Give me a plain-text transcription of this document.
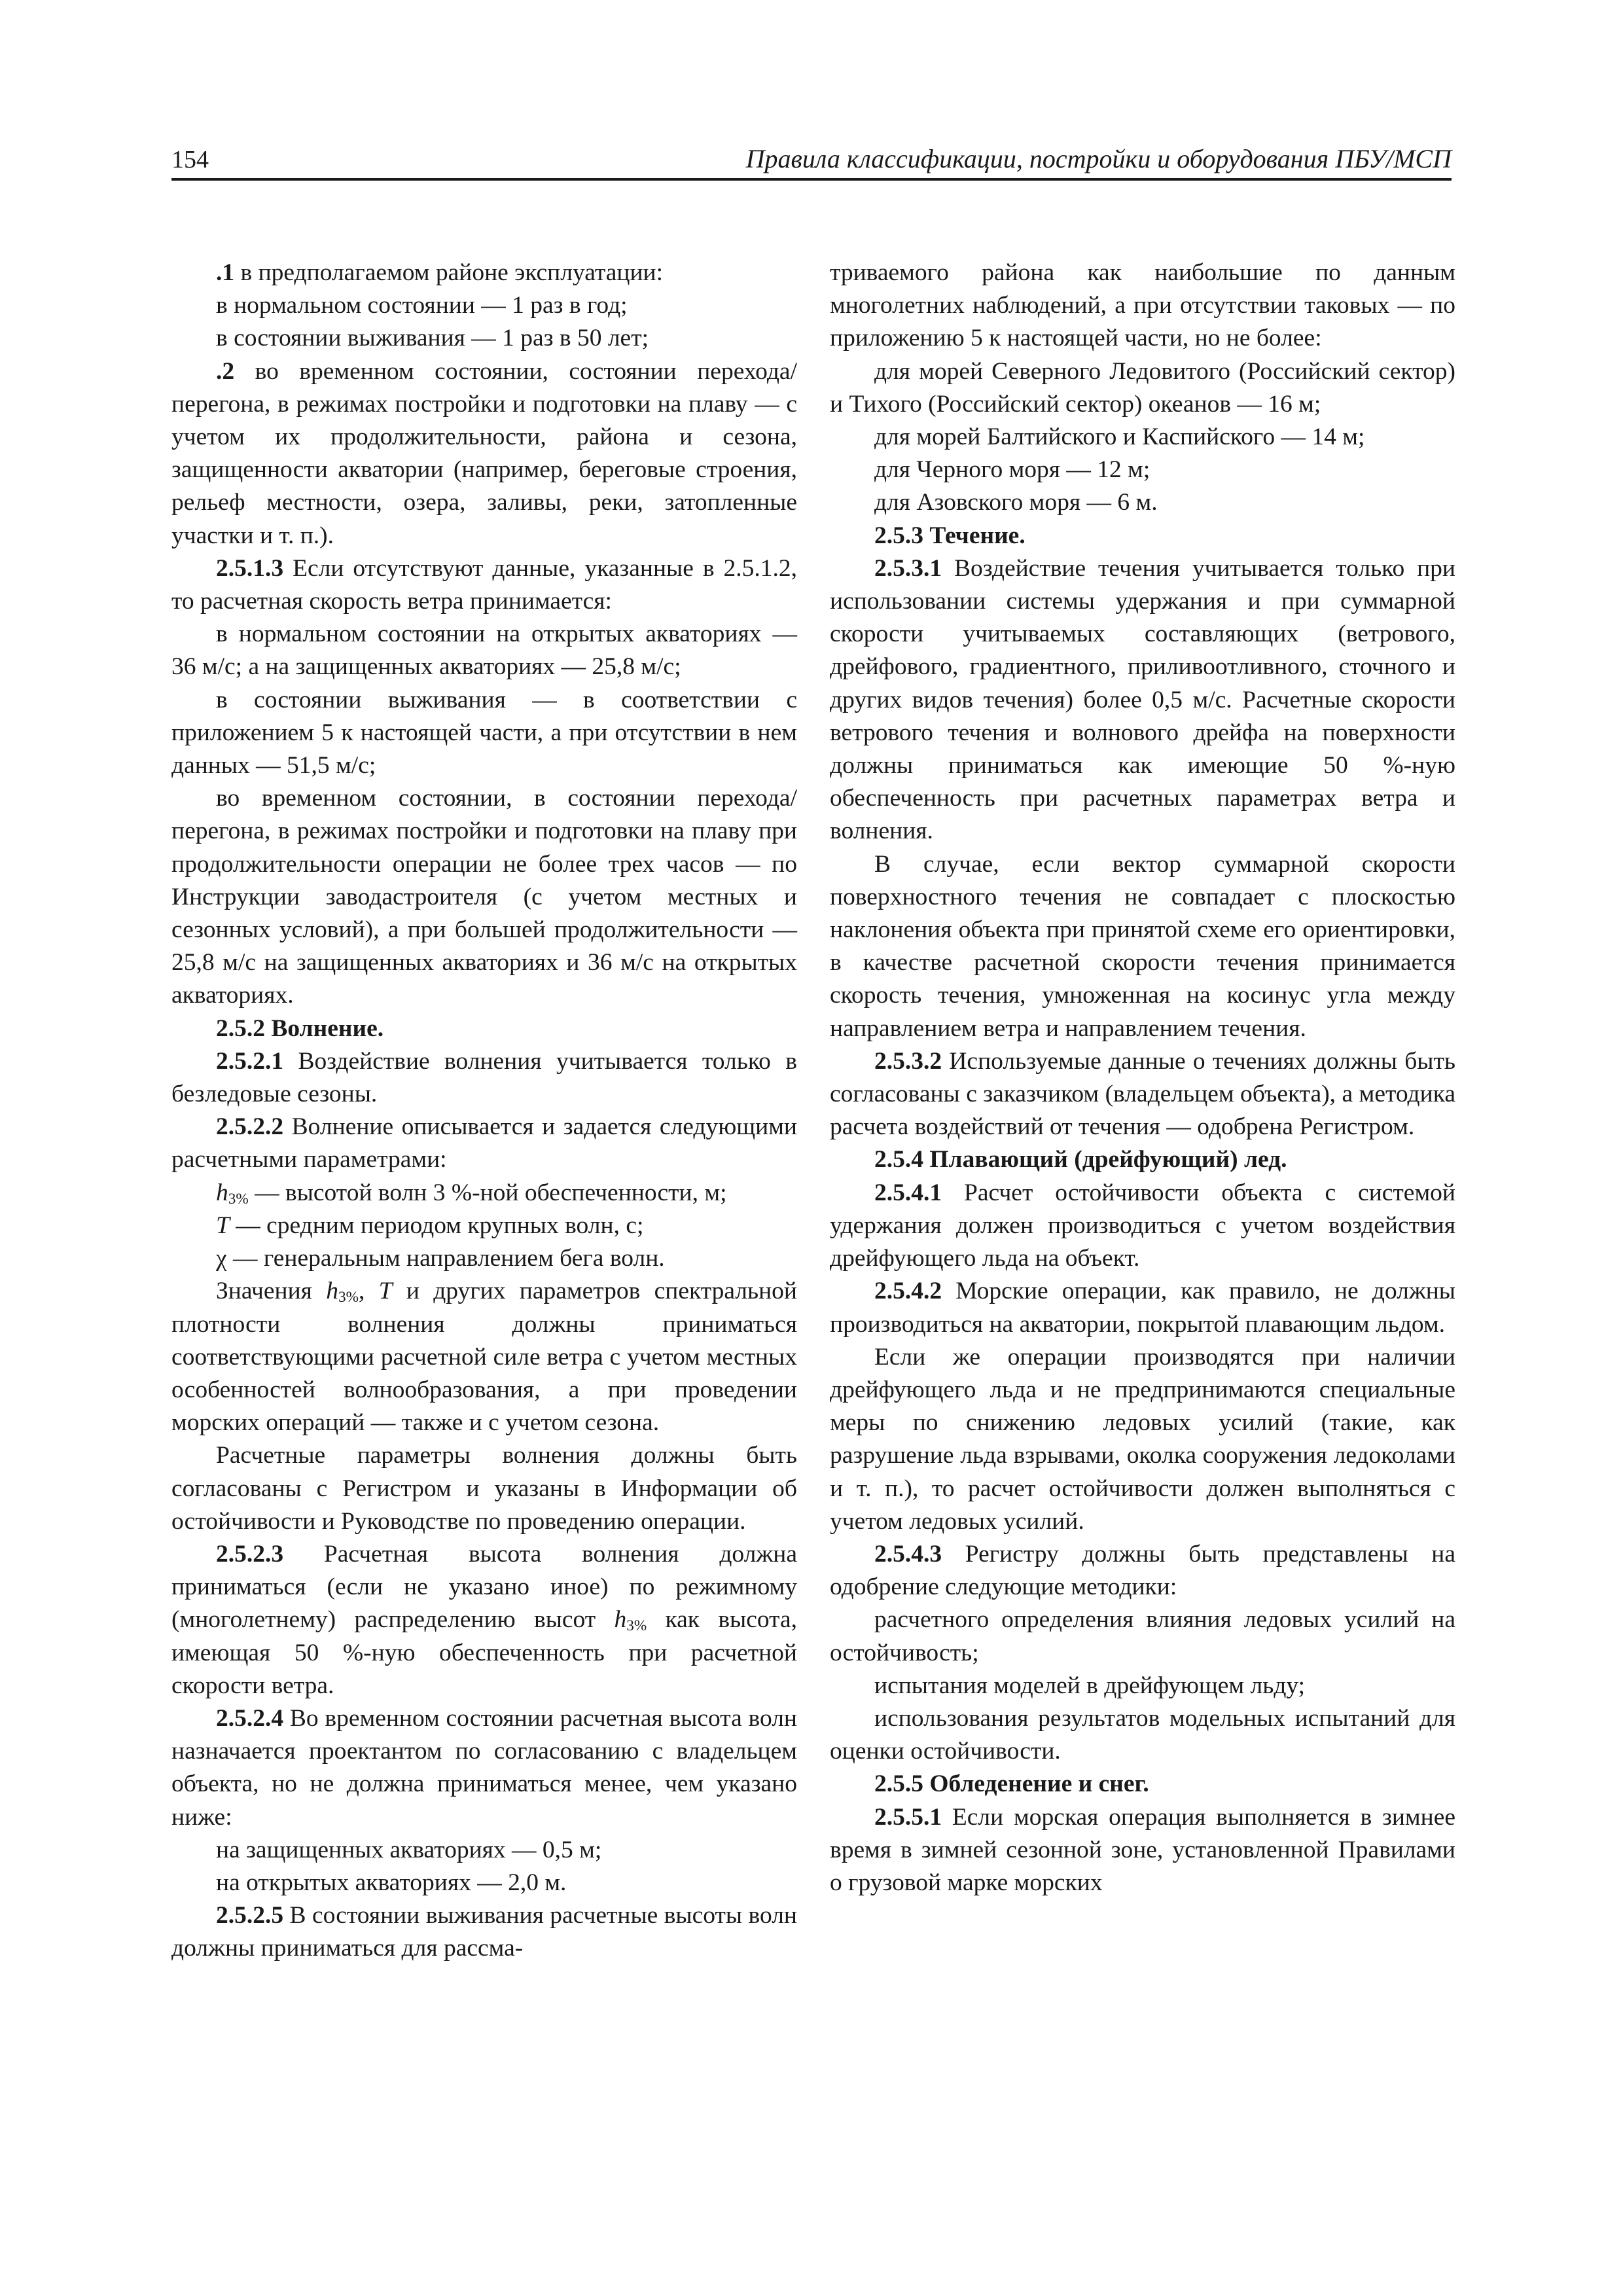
154	Правила классификации, постройки и оборудования ПБУ/МСП

.1 в предполагаемом районе эксплуатации:

в нормальном состоянии — 1 раз в год;

в состоянии выживания — 1 раз в 50 лет;

.2 во временном состоянии, состоянии перехода/перегона, в режимах постройки и подготовки на плаву — с учетом их продолжительности, района и сезона, защищенности акватории (например, береговые строения, рельеф местности, озера, заливы, реки, затопленные участки и т. п.).

2.5.1.3 Если отсутствуют данные, указанные в 2.5.1.2, то расчетная скорость ветра принимается:

в нормальном состоянии на открытых акваториях — 36 м/с; а на защищенных акваториях — 25,8 м/с;

в состоянии выживания — в соответствии с приложением 5 к настоящей части, а при отсутствии в нем данных — 51,5 м/с;

во временном состоянии, в состоянии перехода/перегона, в режимах постройки и подготовки на плаву при продолжительности операции не более трех часов — по Инструкции заводастроителя (с учетом местных и сезонных условий), а при большей продолжительности — 25,8 м/с на защищенных акваториях и 36 м/с на открытых акваториях.

2.5.2 Волнение.

2.5.2.1 Воздействие волнения учитывается только в безледовые сезоны.

2.5.2.2 Волнение описывается и задается следующими расчетными параметрами:

$h_{3\%}$ — высотой волн 3 %-ной обеспеченности, м;

T — средним периодом крупных волн, с;

χ — генеральным направлением бега волн.

Значения $h_{3\%}$, T и других параметров спектральной плотности волнения должны приниматься соответствующими расчетной силе ветра с учетом местных особенностей волнообразования, а при проведении морских операций — также и с учетом сезона.

Расчетные параметры волнения должны быть согласованы с Регистром и указаны в Информации об остойчивости и Руководстве по проведению операции.

2.5.2.3 Расчетная высота волнения должна приниматься (если не указано иное) по режимному (многолетнему) распределению высот $h_{3\%}$ как высота, имеющая 50 %-ную обеспеченность при расчетной скорости ветра.

2.5.2.4 Во временном состоянии расчетная высота волн назначается проектантом по согласованию с владельцем объекта, но не должна приниматься менее, чем указано ниже:

на защищенных акваториях — 0,5 м;

на открытых акваториях — 2,0 м.

2.5.2.5 В состоянии выживания расчетные высоты волн должны приниматься для рассма-

триваемого района как наибольшие по данным многолетних наблюдений, а при отсутствии таковых — по приложению 5 к настоящей части, но не более:

для морей Северного Ледовитого (Российский сектор) и Тихого (Российский сектор) океанов — 16 м;

для морей Балтийского и Каспийского — 14 м;

для Черного моря — 12 м;

для Азовского моря — 6 м.

2.5.3 Течение.

2.5.3.1 Воздействие течения учитывается только при использовании системы удержания и при суммарной скорости учитываемых составляющих (ветрового, дрейфового, градиентного, приливоотливного, сточного и других видов течения) более 0,5 м/с. Расчетные скорости ветрового течения и волнового дрейфа на поверхности должны приниматься как имеющие 50 %-ную обеспеченность при расчетных параметрах ветра и волнения.

В случае, если вектор суммарной скорости поверхностного течения не совпадает с плоскостью наклонения объекта при принятой схеме его ориентировки, в качестве расчетной скорости течения принимается скорость течения, умноженная на косинус угла между направлением ветра и направлением течения.

2.5.3.2 Используемые данные о течениях должны быть согласованы с заказчиком (владельцем объекта), а методика расчета воздействий от течения — одобрена Регистром.

2.5.4 Плавающий (дрейфующий) лед.

2.5.4.1 Расчет остойчивости объекта с системой удержания должен производиться с учетом воздействия дрейфующего льда на объект.

2.5.4.2 Морские операции, как правило, не должны производиться на акватории, покрытой плавающим льдом.

Если же операции производятся при наличии дрейфующего льда и не предпринимаются специальные меры по снижению ледовых усилий (такие, как разрушение льда взрывами, околка сооружения ледоколами и т. п.), то расчет остойчивости должен выполняться с учетом ледовых усилий.

2.5.4.3 Регистру должны быть представлены на одобрение следующие методики:

расчетного определения влияния ледовых усилий на остойчивость;

испытания моделей в дрейфующем льду;

использования результатов модельных испытаний для оценки остойчивости.

2.5.5 Обледенение и снег.

2.5.5.1 Если морская операция выполняется в зимнее время в зимней сезонной зоне, установленной Правилами о грузовой марке морских
